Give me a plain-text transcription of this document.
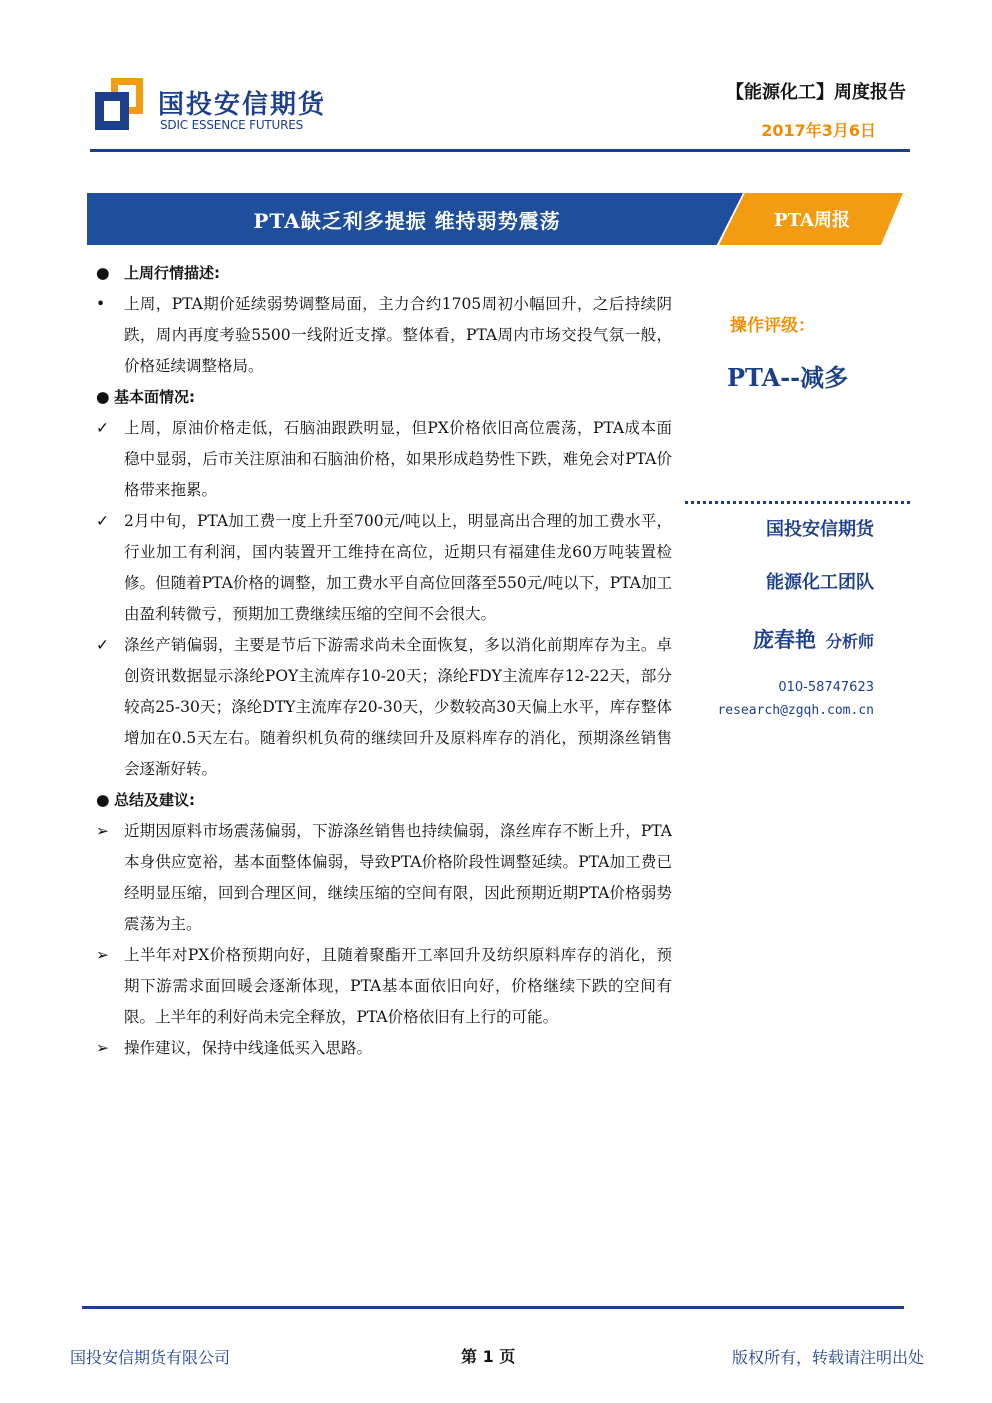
国投安信期货
SDIC ESSENCE FUTURES
【能源化工】周度报告
2017年3月6日
PTA缺乏利多提振 维持弱势震荡	PTA周报
● 上周行情描述:
•	上周，PTA期价延续弱势调整局面，主力合约1705周初小幅回升，之后持续阴跌，周内再度考验5500一线附近支撑。整体看，PTA周内市场交投气氛一般，价格延续调整格局。
● 基本面情况:
✓ 上周，原油价格走低，石脑油跟跌明显，但PX价格依旧高位震荡，PTA成本面稳中显弱，后市关注原油和石脑油价格，如果形成趋势性下跌，难免会对PTA价格带来拖累。
✓ 2月中旬，PTA加工费一度上升至700元/吨以上，明显高出合理的加工费水平，行业加工有利润，国内装置开工维持在高位，近期只有福建佳龙60万吨装置检修。但随着PTA价格的调整，加工费水平自高位回落至550元/吨以下，PTA加工由盈利转微亏，预期加工费继续压缩的空间不会很大。
✓ 涤丝产销偏弱，主要是节后下游需求尚未全面恢复，多以消化前期库存为主。卓创资讯数据显示涤纶POY主流库存10-20天；涤纶FDY主流库存12-22天，部分较高25-30天；涤纶DTY主流库存20-30天，少数较高30天偏上水平，库存整体增加在0.5天左右。随着织机负荷的继续回升及原料库存的消化，预期涤丝销售会逐渐好转。
● 总结及建议:
➢ 近期因原料市场震荡偏弱，下游涤丝销售也持续偏弱，涤丝库存不断上升，PTA本身供应宽裕，基本面整体偏弱，导致PTA价格阶段性调整延续。PTA加工费已经明显压缩，回到合理区间，继续压缩的空间有限，因此预期近期PTA价格弱势震荡为主。
➢ 上半年对PX价格预期向好，且随着聚酯开工率回升及纺织原料库存的消化，预期下游需求面回暖会逐渐体现，PTA基本面依旧向好，价格继续下跌的空间有限。上半年的利好尚未完全释放，PTA价格依旧有上行的可能。
➢ 操作建议，保持中线逢低买入思路。
操作评级：
PTA--减多
国投安信期货
能源化工团队
庞春艳 分析师
010-58747623
research@zgqh.com.cn
国投安信期货有限公司	第 1 页	版权所有，转载请注明出处
